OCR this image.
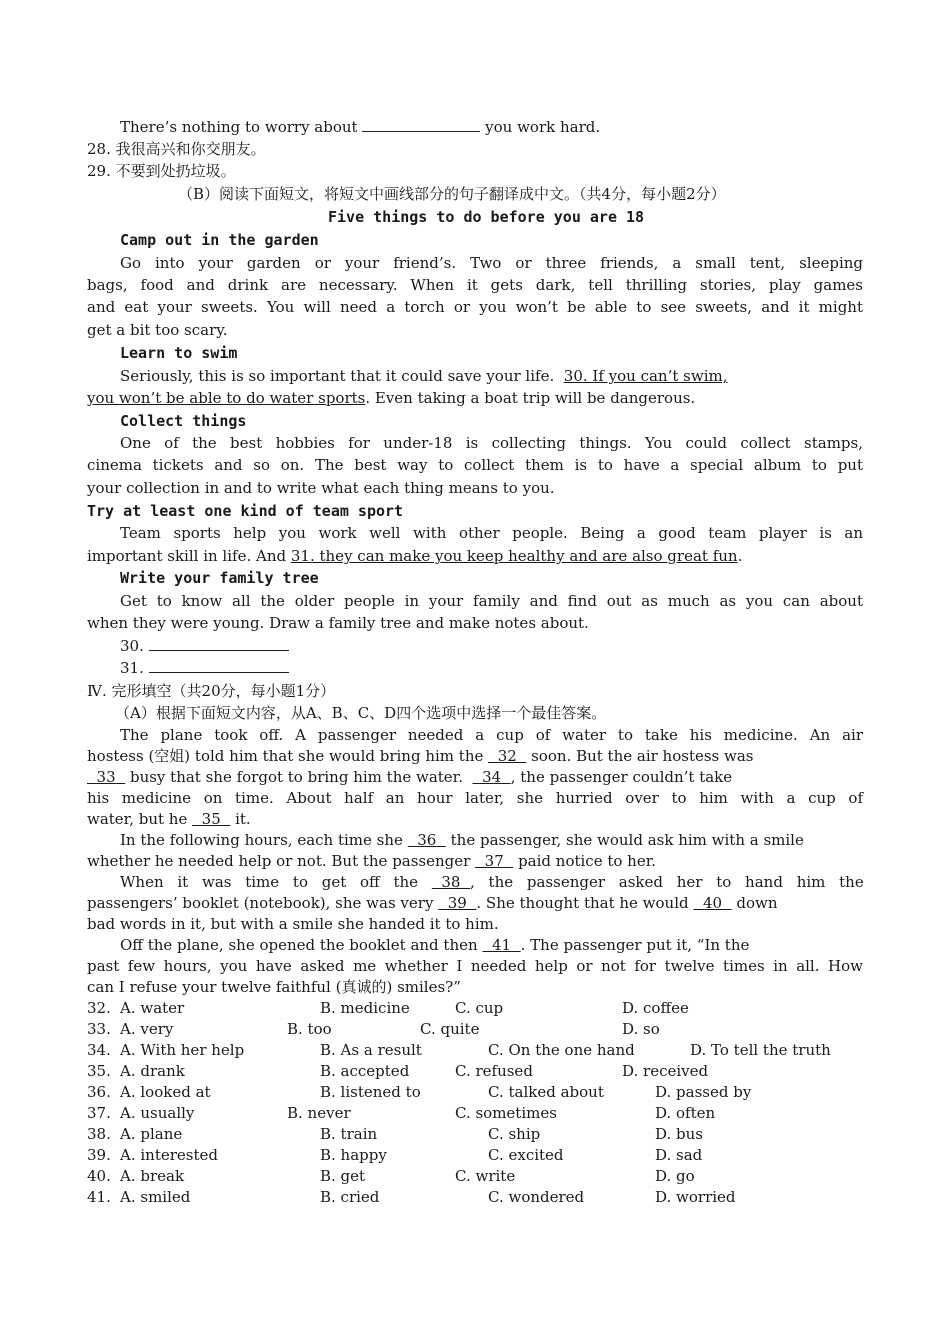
There’s nothing to worry about	you work hard.
28. 我很高兴和你交朋友。
29. 不要到处扔垃圾。
（B）阅读下面短文，将短文中画线部分的句子翻译成中文。（共4分，每小题2分）
Five things to do before you are 18
Camp out in the garden
Go into your garden or your friend’s. Two or three friends, a small tent, sleeping
bags, food and drink are necessary. When it gets dark, tell thrilling stories, play games
and eat your sweets. You will need a torch or you won’t be able to see sweets, and it might
get a bit too scary.
Learn to swim
Seriously, this is so important that it could save your life. 30. If you can’t swim,
you won’t be able to do water sports. Even taking a boat trip will be dangerous.
Collect things
One of the best hobbies for under-18 is collecting things. You could collect stamps,
cinema tickets and so on. The best way to collect them is to have a special album to put
your collection in and to write what each thing means to you.
Try at least one kind of team sport
Team sports help you work well with other people. Being a good team player is an
important skill in life. And 31. they can make you keep healthy and are also great fun.
Write your family tree
Get to know all the older people in your family and find out as much as you can about
when they were young. Draw a family tree and make notes about.
30.
31.
Ⅳ. 完形填空（共20分，每小题1分）
（A）根据下面短文内容，从A、B、C、D四个选项中选择一个最佳答案。
The plane took off. A passenger needed a cup of water to take his medicine. An air
hostess (空姐) told him that she would bring him the 32 soon. But the air hostess was
33 busy that she forgot to bring him the water. 34 , the passenger couldn’t take
his medicine on time. About half an hour later, she hurried over to him with a cup of
water, but he 35 it.
In the following hours, each time she 36 the passenger, she would ask him with a smile
whether he needed help or not. But the passenger 37 paid notice to her.
When it was time to get off the 38 , the passenger asked her to hand him the
passengers’ booklet (notebook), she was very 39 . She thought that he would 40 down
bad words in it, but with a smile she handed it to him.
Off the plane, she opened the booklet and then 41 . The passenger put it, “In the
past few hours, you have asked me whether I needed help or not for twelve times in all. How
can I refuse your twelve faithful (真诚的) smiles?”
32. A. water	B. medicine	C. cup	D. coffee
33. A. very	B. too	C. quite	D. so
34. A. With her help	B. As a result	C. On the one hand	D. To tell the truth
35. A. drank	B. accepted	C. refused	D. received
36. A. looked at	B. listened to	C. talked about	D. passed by
37. A. usually	B. never	C. sometimes	D. often
38. A. plane	B. train	C. ship	D. bus
39. A. interested	B. happy	C. excited	D. sad
40. A. break	B. get	C. write	D. go
41. A. smiled	B. cried	C. wondered	D. worried
